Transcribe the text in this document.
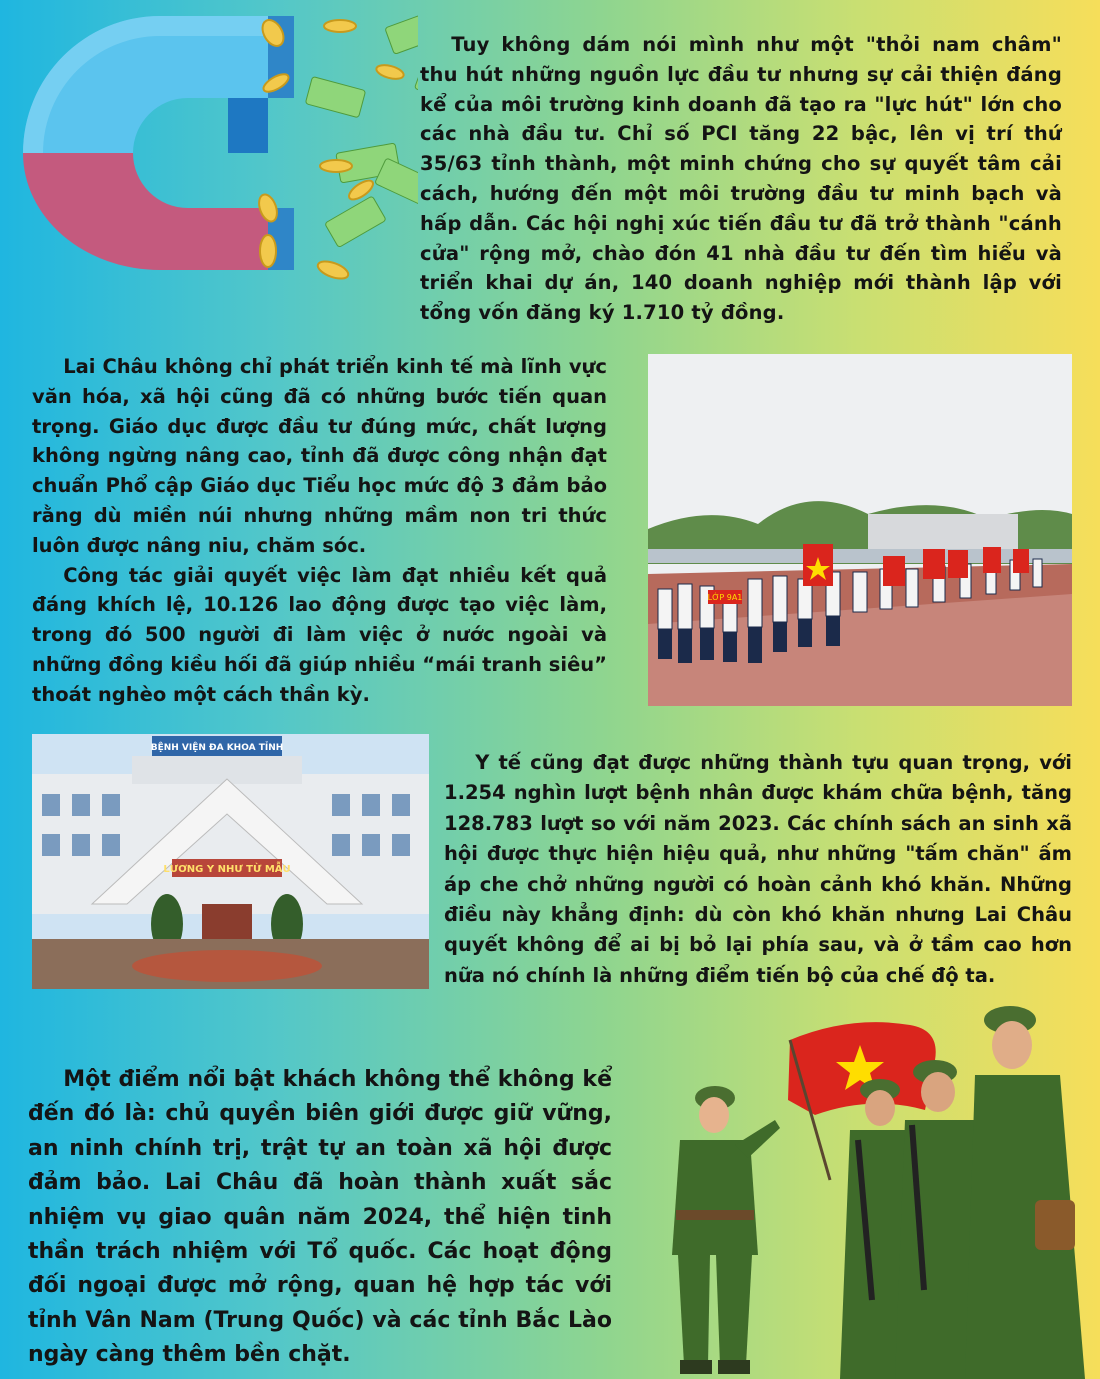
Tuy không dám nói mình như một "thỏi nam châm" thu hút những nguồn lực đầu tư nhưng sự cải thiện đáng kể của môi trường kinh doanh đã tạo ra "lực hút" lớn cho các nhà đầu tư. Chỉ số PCI tăng 22 bậc, lên vị trí thứ 35/63 tỉnh thành, một minh chứng cho sự quyết tâm cải cách, hướng đến một môi trường đầu tư minh bạch và hấp dẫn. Các hội nghị xúc tiến đầu tư đã trở thành "cánh cửa" rộng mở, chào đón 41 nhà đầu tư đến tìm hiểu và triển khai dự án, 140 doanh nghiệp mới thành lập với tổng vốn đăng ký 1.710 tỷ đồng.

Lai Châu không chỉ phát triển kinh tế mà lĩnh vực văn hóa, xã hội cũng đã có những bước tiến quan trọng. Giáo dục được đầu tư đúng mức, chất lượng không ngừng nâng cao, tỉnh đã được công nhận đạt chuẩn Phổ cập Giáo dục Tiểu học mức độ 3 đảm bảo rằng dù miền núi nhưng những mầm non tri thức luôn được nâng niu, chăm sóc.

Công tác giải quyết việc làm đạt nhiều kết quả đáng khích lệ, 10.126 lao động được tạo việc làm, trong đó 500 người đi làm việc ở nước ngoài và những đồng kiều hối đã giúp nhiều “mái tranh siêu” thoát nghèo một cách thần kỳ.

LỚP 9A1
BỆNH VIỆN ĐA KHOA TỈNH
LƯƠNG Y NHƯ TỪ MẪU

Y tế cũng đạt được những thành tựu quan trọng, với 1.254 nghìn lượt bệnh nhân được khám chữa bệnh, tăng 128.783 lượt so với năm 2023. Các chính sách an sinh xã hội được thực hiện hiệu quả, như những "tấm chăn" ấm áp che chở những người có hoàn cảnh khó khăn. Những điều này khẳng định: dù còn khó khăn nhưng Lai Châu quyết không để ai bị bỏ lại phía sau, và ở tầm cao hơn nữa nó chính là những điểm tiến bộ của chế độ ta.

Một điểm nổi bật khách không thể không kể đến đó là: chủ quyền biên giới được giữ vững, an ninh chính trị, trật tự an toàn xã hội được đảm bảo. Lai Châu đã hoàn thành xuất sắc nhiệm vụ giao quân năm 2024, thể hiện tinh thần trách nhiệm với Tổ quốc. Các hoạt động đối ngoại được mở rộng, quan hệ hợp tác với tỉnh Vân Nam (Trung Quốc) và các tỉnh Bắc Lào ngày càng thêm bền chặt.
